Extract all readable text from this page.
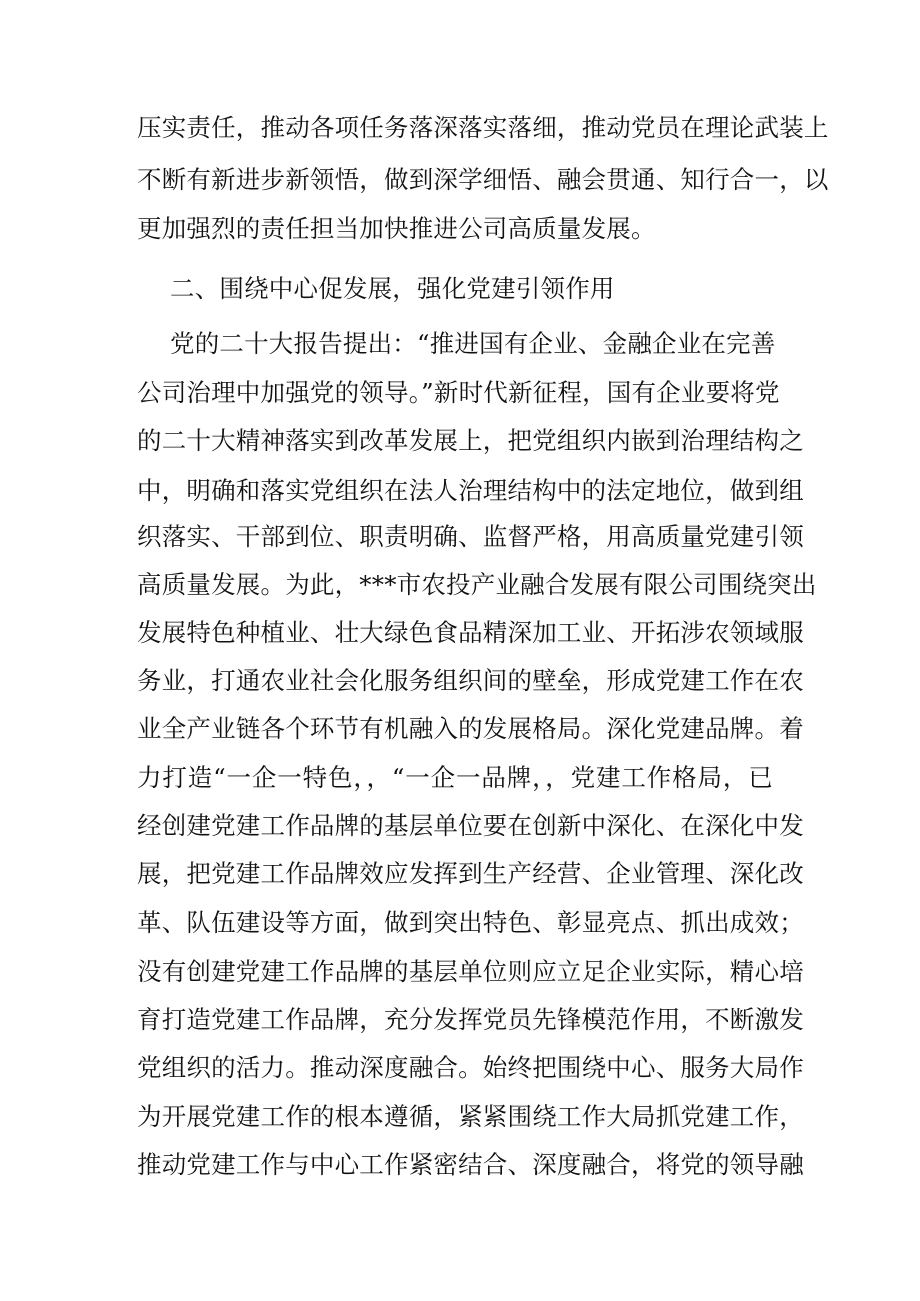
压实责任，推动各项任务落深落实落细，推动党员在理论武装上

不断有新进步新领悟，做到深学细悟、融会贯通、知行合一，以

更加强烈的责任担当加快推进公司高质量发展。

二、围绕中心促发展，强化党建引领作用

党的二十大报告提出：“推进国有企业、金融企业在完善

公司治理中加强党的领导。”新时代新征程，国有企业要将党

的二十大精神落实到改革发展上，把党组织内嵌到治理结构之

中，明确和落实党组织在法人治理结构中的法定地位，做到组

织落实、干部到位、职责明确、监督严格，用高质量党建引领

高质量发展。为此，***市农投产业融合发展有限公司围绕突出

发展特色种植业、壮大绿色食品精深加工业、开拓涉农领域服

务业，打通农业社会化服务组织间的壁垒，形成党建工作在农

业全产业链各个环节有机融入的发展格局。深化党建品牌。着

力打造“一企一特色，，“一企一品牌，，党建工作格局，已

经创建党建工作品牌的基层单位要在创新中深化、在深化中发

展，把党建工作品牌效应发挥到生产经营、企业管理、深化改

革、队伍建设等方面，做到突出特色、彰显亮点、抓出成效；

没有创建党建工作品牌的基层单位则应立足企业实际，精心培

育打造党建工作品牌，充分发挥党员先锋模范作用，不断激发

党组织的活力。推动深度融合。始终把围绕中心、服务大局作

为开展党建工作的根本遵循，紧紧围绕工作大局抓党建工作，

推动党建工作与中心工作紧密结合、深度融合，将党的领导融
